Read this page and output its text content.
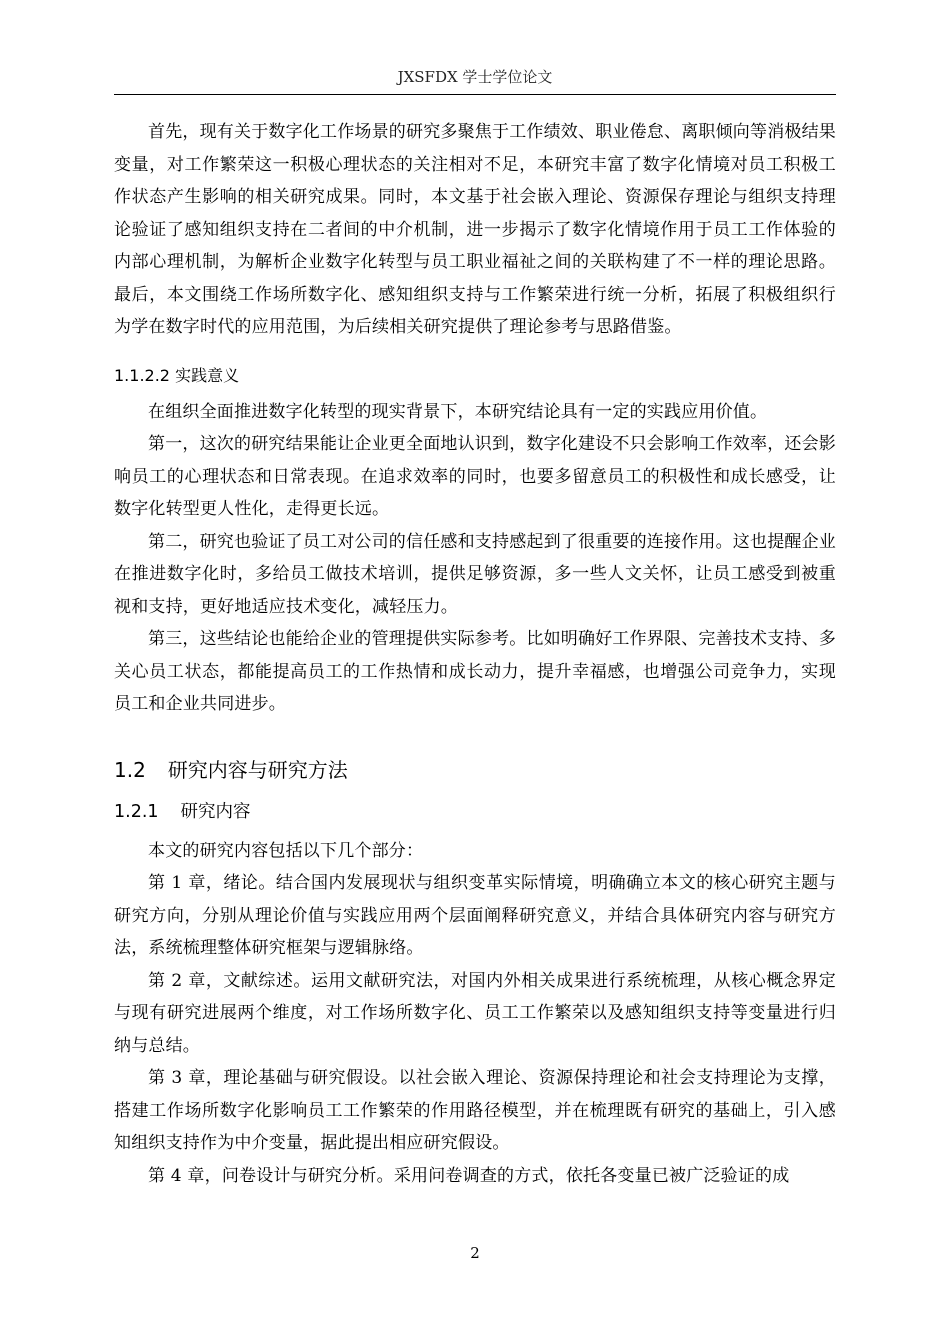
JXSFDX 学士学位论文

首先，现有关于数字化工作场景的研究多聚焦于工作绩效、职业倦怠、离职倾向等消极结果变量，对工作繁荣这一积极心理状态的关注相对不足，本研究丰富了数字化情境对员工积极工作状态产生影响的相关研究成果。同时，本文基于社会嵌入理论、资源保存理论与组织支持理论验证了感知组织支持在二者间的中介机制，进一步揭示了数字化情境作用于员工工作体验的内部心理机制，为解析企业数字化转型与员工职业福祉之间的关联构建了不一样的理论思路。最后，本文围绕工作场所数字化、感知组织支持与工作繁荣进行统一分析，拓展了积极组织行为学在数字时代的应用范围，为后续相关研究提供了理论参考与思路借鉴。

1.1.2.2 实践意义

在组织全面推进数字化转型的现实背景下，本研究结论具有一定的实践应用价值。

第一，这次的研究结果能让企业更全面地认识到，数字化建设不只会影响工作效率，还会影响员工的心理状态和日常表现。在追求效率的同时，也要多留意员工的积极性和成长感受，让数字化转型更人性化，走得更长远。

第二，研究也验证了员工对公司的信任感和支持感起到了很重要的连接作用。这也提醒企业在推进数字化时，多给员工做技术培训，提供足够资源，多一些人文关怀，让员工感受到被重视和支持，更好地适应技术变化，减轻压力。

第三，这些结论也能给企业的管理提供实际参考。比如明确好工作界限、完善技术支持、多关心员工状态，都能提高员工的工作热情和成长动力，提升幸福感，也增强公司竞争力，实现员工和企业共同进步。

1.2 研究内容与研究方法
1.2.1 研究内容

本文的研究内容包括以下几个部分：

第 1 章，绪论。结合国内发展现状与组织变革实际情境，明确确立本文的核心研究主题与研究方向，分别从理论价值与实践应用两个层面阐释研究意义，并结合具体研究内容与研究方法，系统梳理整体研究框架与逻辑脉络。

第 2 章，文献综述。运用文献研究法，对国内外相关成果进行系统梳理，从核心概念界定与现有研究进展两个维度，对工作场所数字化、员工工作繁荣以及感知组织支持等变量进行归纳与总结。

第 3 章，理论基础与研究假设。以社会嵌入理论、资源保持理论和社会支持理论为支撑，搭建工作场所数字化影响员工工作繁荣的作用路径模型，并在梳理既有研究的基础上，引入感知组织支持作为中介变量，据此提出相应研究假设。

第 4 章，问卷设计与研究分析。采用问卷调查的方式，依托各变量已被广泛验证的成

2
